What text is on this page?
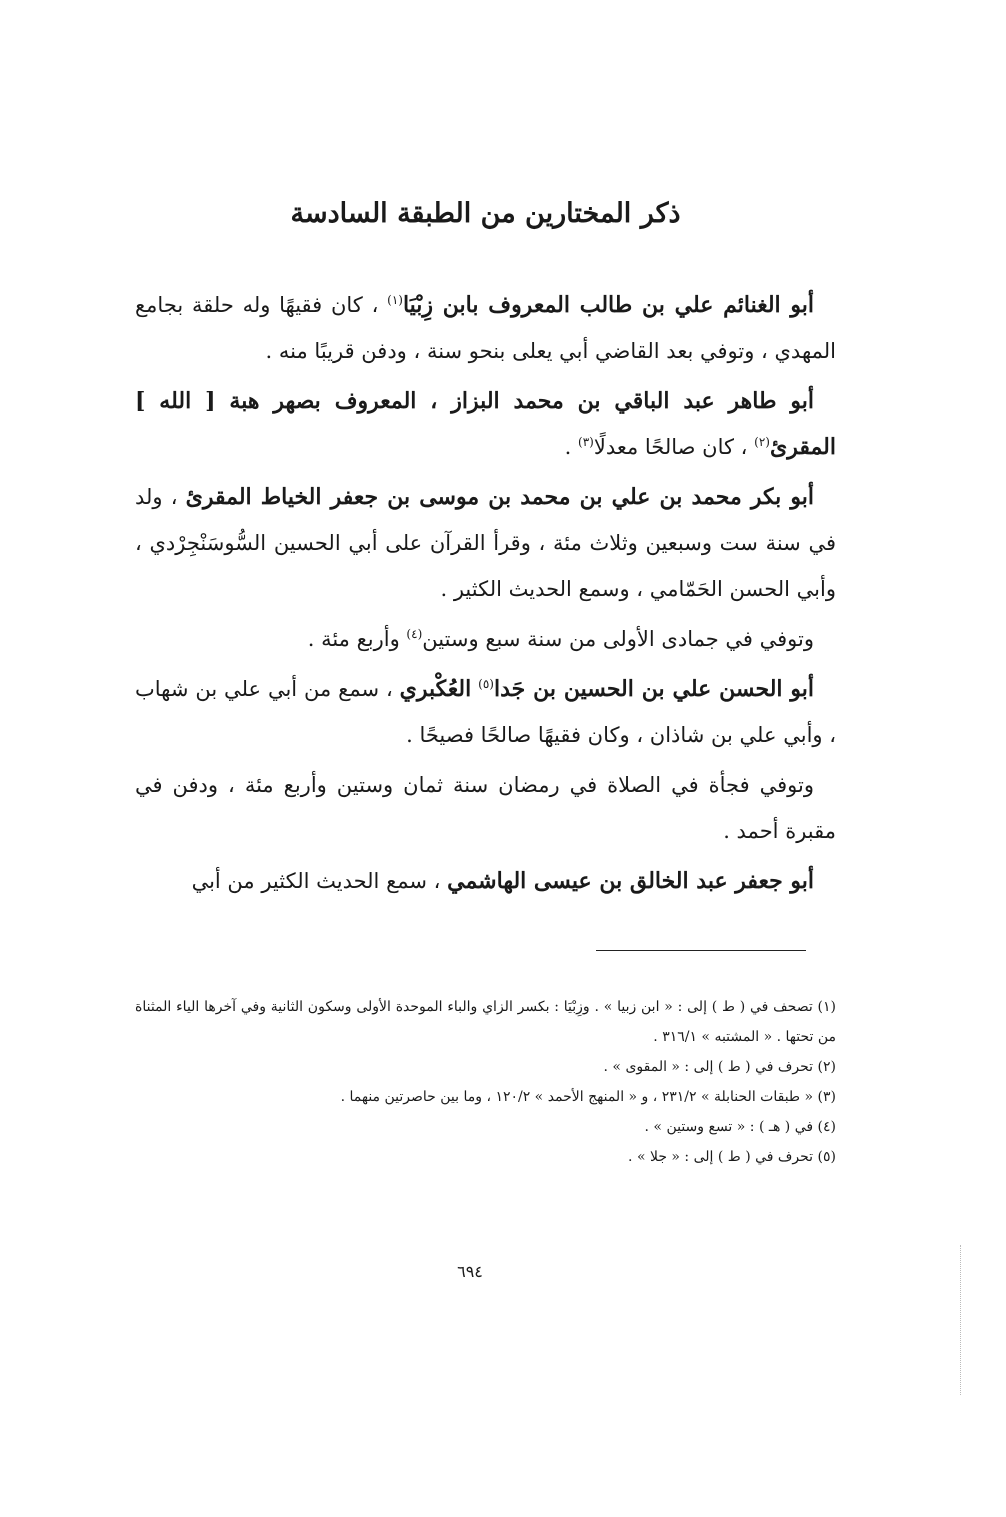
ذكر المختارين من الطبقة السادسة

أبو الغنائم علي بن طالب المعروف بابن زِبْيَا$^{(١)}$ ، كان فقيهًا وله حلقة بجامع المهدي ، وتوفي بعد القاضي أبي يعلى بنحو سنة ، ودفن قريبًا منه .

أبو طاهر عبد الباقي بن محمد البزاز ، المعروف بصهر هبة [ الله ] المقرئ$^{(٢)}$ ، كان صالحًا معدلًا$^{(٣)}$ .

أبو بكر محمد بن علي بن محمد بن موسى بن جعفر الخياط المقرئ ، ولد في سنة ست وسبعين وثلاث مئة ، وقرأ القرآن على أبي الحسين السُّوسَنْجِرْدي ، وأبي الحسن الحَمّامي ، وسمع الحديث الكثير .

وتوفي في جمادى الأولى من سنة سبع وستين$^{(٤)}$ وأربع مئة .

أبو الحسن علي بن الحسين بن جَدا$^{(٥)}$ العُكْبري ، سمع من أبي علي بن شهاب ، وأبي علي بن شاذان ، وكان فقيهًا صالحًا فصيحًا .

وتوفي فجأة في الصلاة في رمضان سنة ثمان وستين وأربع مئة ، ودفن في مقبرة أحمد .

أبو جعفر عبد الخالق بن عيسى الهاشمي ، سمع الحديث الكثير من أبي

(١) تصحف في ( ط ) إلى : « ابن زبيا » . وزِبْيَا : بكسر الزاي والباء الموحدة الأولى وسكون الثانية وفي آخرها الياء المثناة من تحتها . « المشتبه » ٣١٦/١ .

(٢) تحرف في ( ط ) إلى : « المقوى » .

(٣) « طبقات الحنابلة » ٢٣١/٢ ، و « المنهج الأحمد » ١٢٠/٢ ، وما بين حاصرتين منهما .

(٤) في ( هـ ) : « تسع وستين » .

(٥) تحرف في ( ط ) إلى : « جلا » .

٦٩٤
